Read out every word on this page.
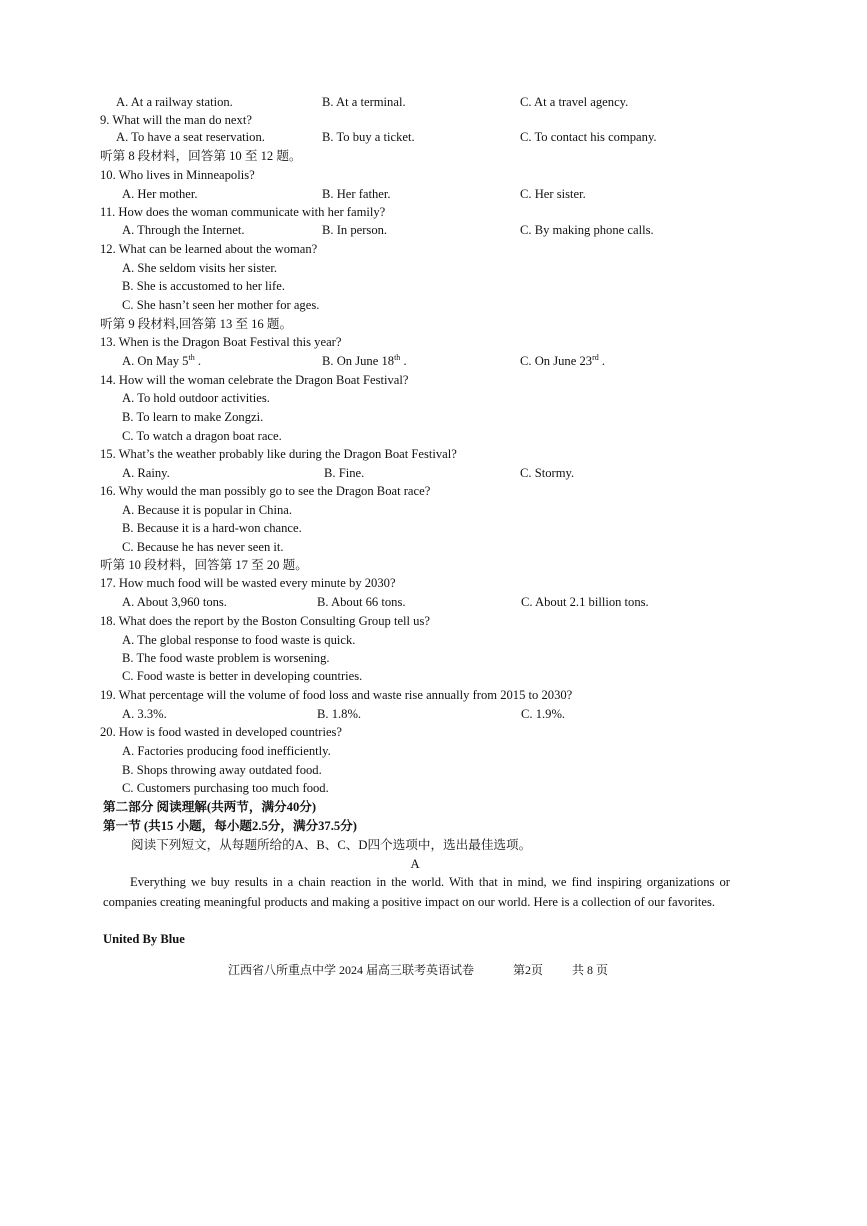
A. At a railway station.	B. At a terminal.	C. At a travel agency.
9. What will the man do next?
A. To have a seat reservation.	B. To buy a ticket.	C. To contact his company.
听第 8 段材料，回答第 10 至 12 题。
10. Who lives in Minneapolis?
A. Her mother.	B. Her father.	C. Her sister.
11. How does the woman communicate with her family?
A. Through the Internet.	B. In person.	C. By making phone calls.
12. What can be learned about the woman?
A. She seldom visits her sister.
B. She is accustomed to her life.
C. She hasn’t seen her mother for ages.
听第 9 段材料,回答第 13 至 16 题。
13. When is the Dragon Boat Festival this year?
A. On May 5th .	B. On June 18th .	C. On June 23rd .
14. How will the woman celebrate the Dragon Boat Festival?
A. To hold outdoor activities.
B. To learn to make Zongzi.
C. To watch a dragon boat race.
15. What’s the weather probably like during the Dragon Boat Festival?
A. Rainy.	B. Fine.	C. Stormy.
16. Why would the man possibly go to see the Dragon Boat race?
A. Because it is popular in China.
B. Because it is a hard-won chance.
C. Because he has never seen it.
听第 10 段材料，回答第 17 至 20 题。
17. How much food will be wasted every minute by 2030?
A. About 3,960 tons.	B. About 66 tons.	C. About 2.1 billion tons.
18. What does the report by the Boston Consulting Group tell us?
A. The global response to food waste is quick.
B. The food waste problem is worsening.
C. Food waste is better in developing countries.
19. What percentage will the volume of food loss and waste rise annually from 2015 to 2030?
A. 3.3%.	B. 1.8%.	C. 1.9%.
20. How is food wasted in developed countries?
A. Factories producing food inefficiently.
B. Shops throwing away outdated food.
C. Customers purchasing too much food.
第二部分 阅读理解(共两节，满分40分)
第一节 (共15 小题，每小题2.5分，满分37.5分)
阅读下列短文，从每题所给的A、B、C、D四个选项中，选出最佳选项。
A
Everything we buy results in a chain reaction in the world. With that in mind, we find inspiring organizations or companies creating meaningful products and making a positive impact on our world. Here is a collection of our favorites.
United By Blue
江西省八所重点中学 2024 届高三联考英语试卷	第2页 共 8 页
